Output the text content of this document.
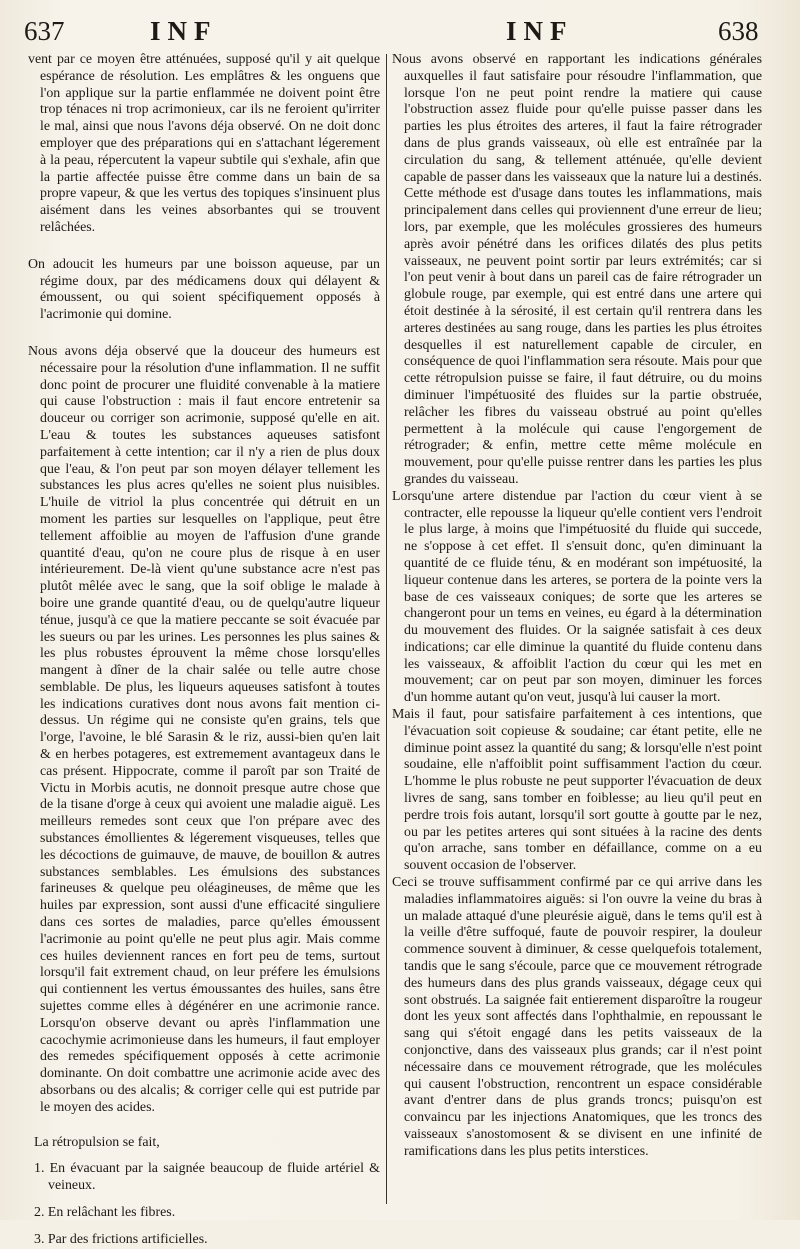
637	INF	INF	638

vent par ce moyen être atténuées, supposé qu'il y ait quelque espérance de résolution. Les emplâtres & les onguens que l'on applique sur la partie enflammée ne doivent point être trop ténaces ni trop acrimonieux, car ils ne feroient qu'irriter le mal, ainsi que nous l'avons déja observé. On ne doit donc employer que des préparations qui en s'attachant légerement à la peau, répercutent la vapeur subtile qui s'exhale, afin que la partie affectée puisse être comme dans un bain de sa propre vapeur, & que les vertus des topiques s'insinuent plus aisément dans les veines absorbantes qui se trouvent relâchées.

On adoucit les humeurs par une boisson aqueuse, par un régime doux, par des médicamens doux qui délayent & émoussent, ou qui soient spécifiquement opposés à l'acrimonie qui domine.

Nous avons déja observé que la douceur des humeurs est nécessaire pour la résolution d'une inflammation. Il ne suffit donc point de procurer une fluidité convenable à la matiere qui cause l'obstruction : mais il faut encore entretenir sa douceur ou corriger son acrimonie, supposé qu'elle en ait. L'eau & toutes les substances aqueuses satisfont parfaitement à cette intention; car il n'y a rien de plus doux que l'eau, & l'on peut par son moyen délayer tellement les substances les plus acres qu'elles ne soient plus nuisibles. L'huile de vitriol la plus concentrée qui détruit en un moment les parties sur lesquelles on l'applique, peut être tellement affoiblie au moyen de l'affusion d'une grande quantité d'eau, qu'on ne coure plus de risque à en user intérieurement. De-là vient qu'une substance acre n'est pas plutôt mêlée avec le sang, que la soif oblige le malade à boire une grande quantité d'eau, ou de quelqu'autre liqueur ténue, jusqu'à ce que la matiere peccante se soit évacuée par les sueurs ou par les urines. Les personnes les plus saines & les plus robustes éprouvent la même chose lorsqu'elles mangent à dîner de la chair salée ou telle autre chose semblable. De plus, les liqueurs aqueuses satisfont à toutes les indications curatives dont nous avons fait mention ci-dessus. Un régime qui ne consiste qu'en grains, tels que l'orge, l'avoine, le blé Sarasin & le riz, aussi-bien qu'en lait & en herbes potageres, est extremement avantageux dans le cas présent. Hippocrate, comme il paroît par son Traité de Victu in Morbis acutis, ne donnoit presque autre chose que de la tisane d'orge à ceux qui avoient une maladie aiguë. Les meilleurs remedes sont ceux que l'on prépare avec des substances émollientes & légerement visqueuses, telles que les décoctions de guimauve, de mauve, de bouillon & autres substances semblables. Les émulsions des substances farineuses & quelque peu oléagineuses, de même que les huiles par expression, sont aussi d'une efficacité singuliere dans ces sortes de maladies, parce qu'elles émoussent l'acrimonie au point qu'elle ne peut plus agir. Mais comme ces huiles deviennent rances en fort peu de tems, surtout lorsqu'il fait extrement chaud, on leur préfere les émulsions qui contiennent les vertus émoussantes des huiles, sans être sujettes comme elles à dégénérer en une acrimonie rance. Lorsqu'on observe devant ou après l'inflammation une cacochymie acrimonieuse dans les humeurs, il faut employer des remedes spécifiquement opposés à cette acrimonie dominante. On doit combattre une acrimonie acide avec des absorbans ou des alcalis; & corriger celle qui est putride par le moyen des acides.

La rétropulsion se fait,

1. En évacuant par la saignée beaucoup de fluide artériel & veineux.

2. En relâchant les fibres.

3. Par des frictions artificielles.

Nous avons observé en rapportant les indications générales auxquelles il faut satisfaire pour résoudre l'inflammation, que lorsque l'on ne peut point rendre la matiere qui cause l'obstruction assez fluide pour qu'elle puisse passer dans les parties les plus étroites des arteres, il faut la faire rétrograder dans de plus grands vaisseaux, où elle est entraînée par la circulation du sang, & tellement atténuée, qu'elle devient capable de passer dans les vaisseaux que la nature lui a destinés. Cette méthode est d'usage dans toutes les inflammations, mais principalement dans celles qui proviennent d'une erreur de lieu; lors, par exemple, que les molécules grossieres des humeurs après avoir pénétré dans les orifices dilatés des plus petits vaisseaux, ne peuvent point sortir par leurs extrémités; car si l'on peut venir à bout dans un pareil cas de faire rétrograder un globule rouge, par exemple, qui est entré dans une artere qui étoit destinée à la sérosité, il est certain qu'il rentrera dans les arteres destinées au sang rouge, dans les parties les plus étroites desquelles il est naturellement capable de circuler, en conséquence de quoi l'inflammation sera résoute. Mais pour que cette rétropulsion puisse se faire, il faut détruire, ou du moins diminuer l'impétuosité des fluides sur la partie obstruée, relâcher les fibres du vaisseau obstrué au point qu'elles permettent à la molécule qui cause l'engorgement de rétrograder; & enfin, mettre cette même molécule en mouvement, pour qu'elle puisse rentrer dans les parties les plus grandes du vaisseau.

Lorsqu'une artere distendue par l'action du cœur vient à se contracter, elle repousse la liqueur qu'elle contient vers l'endroit le plus large, à moins que l'impétuosité du fluide qui succede, ne s'oppose à cet effet. Il s'ensuit donc, qu'en diminuant la quantité de ce fluide ténu, & en modérant son impétuosité, la liqueur contenue dans les arteres, se portera de la pointe vers la base de ces vaisseaux coniques; de sorte que les arteres se changeront pour un tems en veines, eu égard à la détermination du mouvement des fluides. Or la saignée satisfait à ces deux indications; car elle diminue la quantité du fluide contenu dans les vaisseaux, & affoiblit l'action du cœur qui les met en mouvement; car on peut par son moyen, diminuer les forces d'un homme autant qu'on veut, jusqu'à lui causer la mort.

Mais il faut, pour satisfaire parfaitement à ces intentions, que l'évacuation soit copieuse & soudaine; car étant petite, elle ne diminue point assez la quantité du sang; & lorsqu'elle n'est point soudaine, elle n'affoiblit point suffisamment l'action du cœur. L'homme le plus robuste ne peut supporter l'évacuation de deux livres de sang, sans tomber en foiblesse; au lieu qu'il peut en perdre trois fois autant, lorsqu'il sort goutte à goutte par le nez, ou par les petites arteres qui sont situées à la racine des dents qu'on arrache, sans tomber en défaillance, comme on a eu souvent occasion de l'observer.

Ceci se trouve suffisamment confirmé par ce qui arrive dans les maladies inflammatoires aiguës: si l'on ouvre la veine du bras à un malade attaqué d'une pleurésie aiguë, dans le tems qu'il est à la veille d'être suffoqué, faute de pouvoir respirer, la douleur commence souvent à diminuer, & cesse quelquefois totalement, tandis que le sang s'écoule, parce que ce mouvement rétrograde des humeurs dans des plus grands vaisseaux, dégage ceux qui sont obstrués. La saignée fait entierement disparoître la rougeur dont les yeux sont affectés dans l'ophthalmie, en repoussant le sang qui s'étoit engagé dans les petits vaisseaux de la conjonctive, dans des vaisseaux plus grands; car il n'est point nécessaire dans ce mouvement rétrograde, que les molécules qui causent l'obstruction, rencontrent un espace considérable avant d'entrer dans de plus grands troncs; puisqu'on est convaincu par les injections Anatomiques, que les troncs des vaisseaux s'anostomosent & se divisent en une infinité de ramifications dans les plus petits interstices.
